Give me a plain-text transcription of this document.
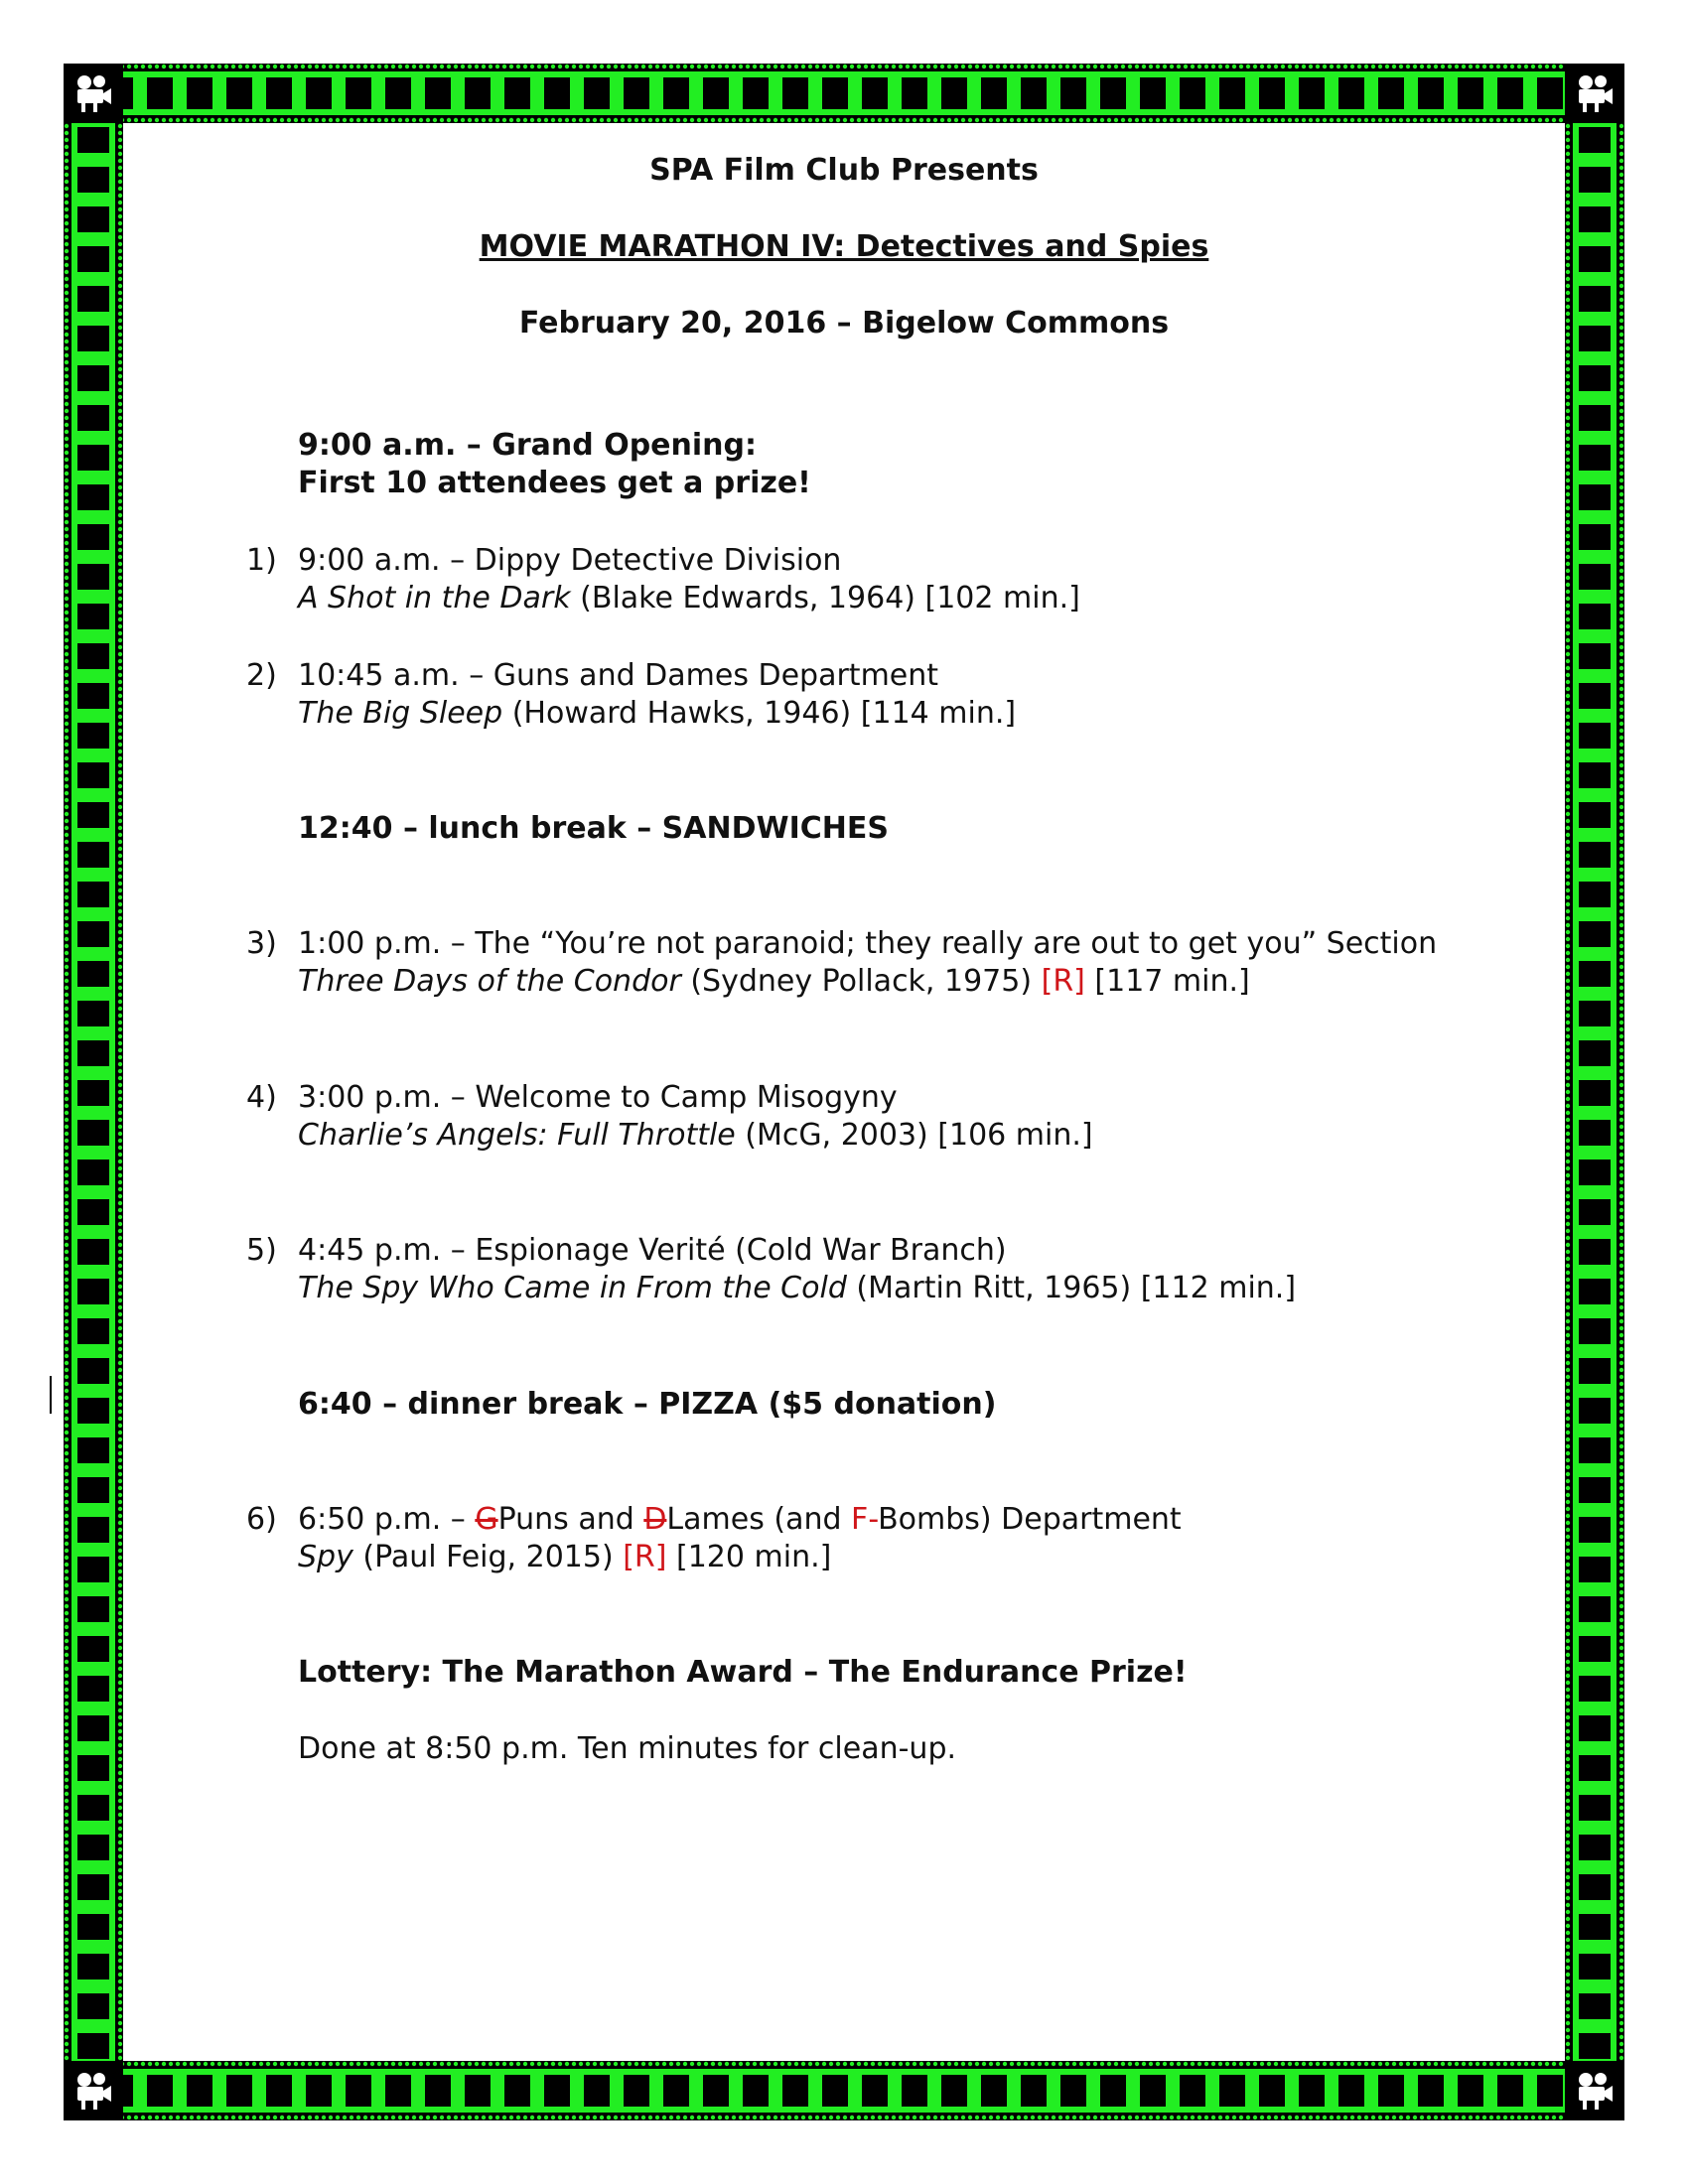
SPA Film Club Presents
MOVIE MARATHON IV: Detectives and Spies
February 20, 2016 – Bigelow Commons
9:00 a.m. – Grand Opening:
First 10 attendees get a prize!
1) 9:00 a.m. – Dippy Detective Division
A Shot in the Dark (Blake Edwards, 1964) [102 min.]
2) 10:45 a.m. – Guns and Dames Department
The Big Sleep (Howard Hawks, 1946) [114 min.]
12:40 – lunch break – SANDWICHES
3) 1:00 p.m. – The “You’re not paranoid; they really are out to get you” Section
Three Days of the Condor (Sydney Pollack, 1975) [R] [117 min.]
4) 3:00 p.m. – Welcome to Camp Misogyny
Charlie’s Angels: Full Throttle (McG, 2003) [106 min.]
5) 4:45 p.m. – Espionage Verité (Cold War Branch)
The Spy Who Came in From the Cold (Martin Ritt, 1965) [112 min.]
6:40 – dinner break – PIZZA ($5 donation)
6) 6:50 p.m. – GPuns and DLames (and F-Bombs) Department
Spy (Paul Feig, 2015) [R] [120 min.]
Lottery: The Marathon Award – The Endurance Prize!
Done at 8:50 p.m. Ten minutes for clean-up.
